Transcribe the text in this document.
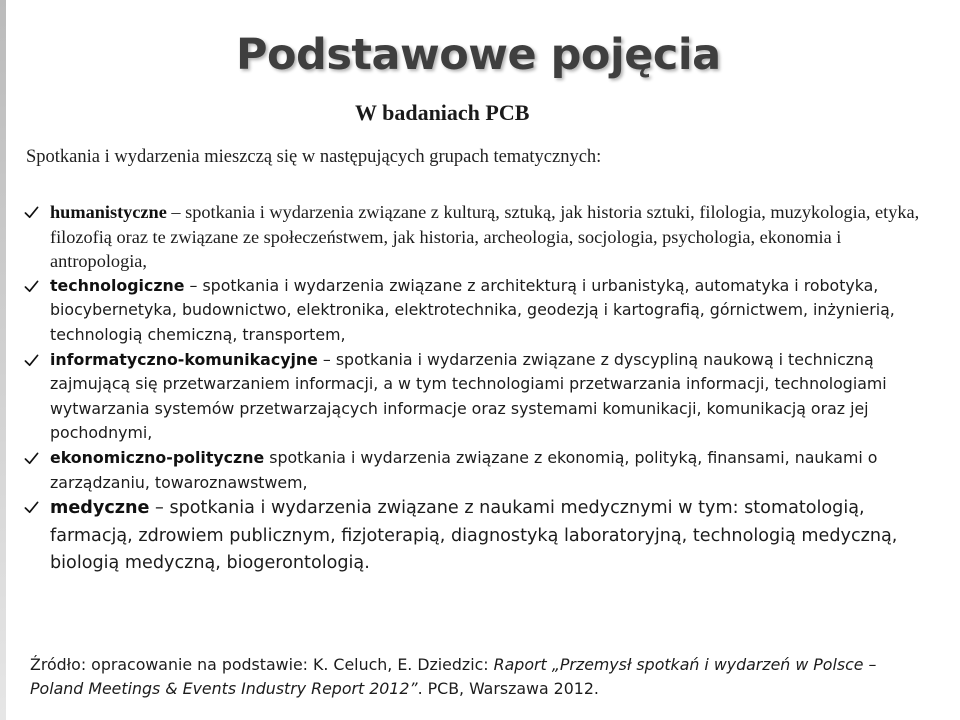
Podstawowe pojęcia
W badaniach PCB

Spotkania i wydarzenia mieszczą się w następujących grupach tematycznych:

humanistyczne – spotkania i wydarzenia związane z kulturą, sztuką, jak historia sztuki, filologia, muzykologia, etyka, filozofią oraz te związane ze społeczeństwem, jak historia, archeologia, socjologia, psychologia, ekonomia i antropologia,
technologiczne – spotkania i wydarzenia związane z architekturą i urbanistyką, automatyka i robotyka, biocybernetyka, budownictwo, elektronika, elektrotechnika, geodezją i kartografią, górnictwem, inżynierią, technologią chemiczną, transportem,
informatyczno-komunikacyjne – spotkania i wydarzenia związane z dyscypliną naukową i techniczną zajmującą się przetwarzaniem informacji, a w tym technologiami przetwarzania informacji, technologiami wytwarzania systemów przetwarzających informacje oraz systemami komunikacji, komunikacją oraz jej pochodnymi,
ekonomiczno-polityczne spotkania i wydarzenia związane z ekonomią, polityką, finansami, naukami o zarządzaniu, towaroznawstwem,
medyczne – spotkania i wydarzenia związane z naukami medycznymi w tym: stomatologią, farmacją, zdrowiem publicznym, fizjoterapią, diagnostyką laboratoryjną, technologią medyczną, biologią medyczną, biogerontologią.

Źródło: opracowanie na podstawie: K. Celuch, E. Dziedzic: Raport „Przemysł spotkań i wydarzeń w Polsce – Poland Meetings & Events Industry Report 2012”. PCB, Warszawa 2012.
